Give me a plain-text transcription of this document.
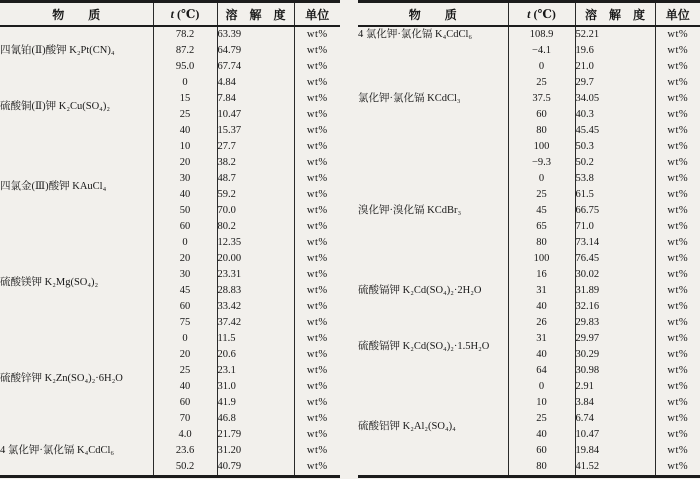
物　　质	t (℃)	溶　解　度	单位

四氰铂(Ⅱ)酸钾 K₂Pt(CN)₄	78.2	63.39	wt%
	87.2	64.79	wt%
	95.0	67.74	wt%
硫酸铜(Ⅱ)钾 K₂Cu(SO₄)₂	0	4.84	wt%
	15	7.84	wt%
	25	10.47	wt%
	40	15.37	wt%
四氯金(Ⅲ)酸钾 KAuCl₄	10	27.7	wt%
	20	38.2	wt%
	30	48.7	wt%
	40	59.2	wt%
	50	70.0	wt%
	60	80.2	wt%
硫酸镁钾 K₂Mg(SO₄)₂	0	12.35	wt%
	20	20.00	wt%
	30	23.31	wt%
	45	28.83	wt%
	60	33.42	wt%
	75	37.42	wt%
硫酸锌钾 K₂Zn(SO₄)₂·6H₂O	0	11.5	wt%
	20	20.6	wt%
	25	23.1	wt%
	40	31.0	wt%
	60	41.9	wt%
	70	46.8	wt%
4 氯化钾·氯化镉 K₄CdCl₆	4.0	21.79	wt%
	23.6	31.20	wt%
	50.2	40.79	wt%
物　　质	t (℃)	溶　解　度	单位

4 氯化钾·氯化镉 K₄CdCl₆	108.9	52.21	wt%
氯化钾·氯化镉 KCdCl₃	−4.1	19.6	wt%
	0	21.0	wt%
	25	29.7	wt%
	37.5	34.05	wt%
	60	40.3	wt%
	80	45.45	wt%
	100	50.3	wt%
溴化钾·溴化镉 KCdBr₃	−9.3	50.2	wt%
	0	53.8	wt%
	25	61.5	wt%
	45	66.75	wt%
	65	71.0	wt%
	80	73.14	wt%
	100	76.45	wt%
硫酸镉钾 K₂Cd(SO₄)₂·2H₂O	16	30.02	wt%
	31	31.89	wt%
	40	32.16	wt%
硫酸镉钾 K₂Cd(SO₄)₂·1.5H₂O	26	29.83	wt%
	31	29.97	wt%
	40	30.29	wt%
	64	30.98	wt%
硫酸铝钾 K₂Al₂(SO₄)₄	0	2.91	wt%
	10	3.84	wt%
	25	6.74	wt%
	40	10.47	wt%
	60	19.84	wt%
	80	41.52	wt%
